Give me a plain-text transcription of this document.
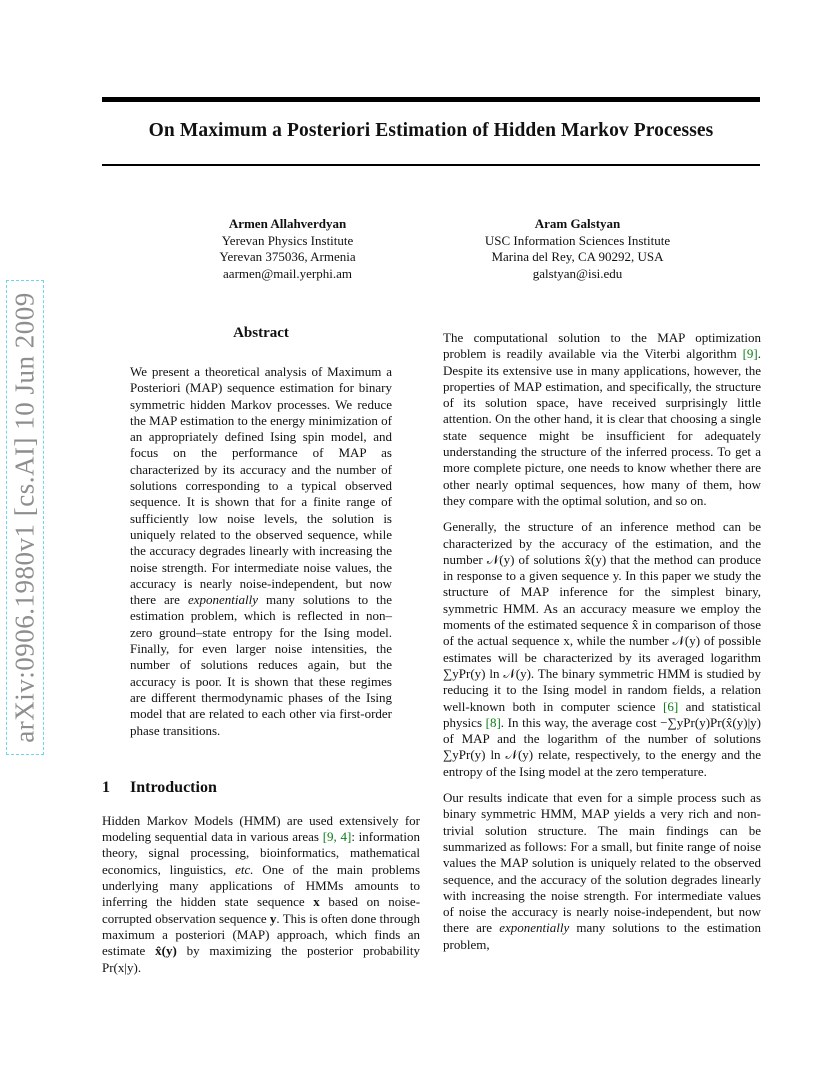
arXiv:0906.1980v1 [cs.AI] 10 Jun 2009
On Maximum a Posteriori Estimation of Hidden Markov Processes
Armen Allahverdyan
Yerevan Physics Institute
Yerevan 375036, Armenia
aarmen@mail.yerphi.am
Aram Galstyan
USC Information Sciences Institute
Marina del Rey, CA 90292, USA
galstyan@isi.edu
Abstract

We present a theoretical analysis of Maximum a Posteriori (MAP) sequence estimation for binary symmetric hidden Markov processes. We reduce the MAP estimation to the energy minimization of an appropriately defined Ising spin model, and focus on the performance of MAP as characterized by its accuracy and the number of solutions corresponding to a typical observed sequence. It is shown that for a finite range of sufficiently low noise levels, the solution is uniquely related to the observed sequence, while the accuracy degrades linearly with increasing the noise strength. For intermediate noise values, the accuracy is nearly noise-independent, but now there are exponentially many solutions to the estimation problem, which is reflected in non–zero ground–state entropy for the Ising model. Finally, for even larger noise intensities, the number of solutions reduces again, but the accuracy is poor. It is shown that these regimes are different thermodynamic phases of the Ising model that are related to each other via first-order phase transitions.

1 Introduction

Hidden Markov Models (HMM) are used extensively for modeling sequential data in various areas [9, 4]: information theory, signal processing, bioinformatics, mathematical economics, linguistics, etc. One of the main problems underlying many applications of HMMs amounts to inferring the hidden state sequence x based on noise-corrupted observation sequence y. This is often done through maximum a posteriori (MAP) approach, which finds an estimate x̂(y) by maximizing the posterior probability Pr(x|y).

The computational solution to the MAP optimization problem is readily available via the Viterbi algorithm [9]. Despite its extensive use in many applications, however, the properties of MAP estimation, and specifically, the structure of its solution space, have received surprisingly little attention. On the other hand, it is clear that choosing a single state sequence might be insufficient for adequately understanding the structure of the inferred process. To get a more complete picture, one needs to know whether there are other nearly optimal sequences, how many of them, how they compare with the optimal solution, and so on.

Generally, the structure of an inference method can be characterized by the accuracy of the estimation, and the number 𝒩(y) of solutions x̂(y) that the method can produce in response to a given sequence y. In this paper we study the structure of MAP inference for the simplest binary, symmetric HMM. As an accuracy measure we employ the moments of the estimated sequence x̂ in comparison of those of the actual sequence x, while the number 𝒩(y) of possible estimates will be characterized by its averaged logarithm ∑yPr(y) ln 𝒩(y). The binary symmetric HMM is studied by reducing it to the Ising model in random fields, a relation well-known both in computer science [6] and statistical physics [8]. In this way, the average cost −∑yPr(y)Pr(x̂(y)|y) of MAP and the logarithm of the number of solutions ∑yPr(y) ln 𝒩(y) relate, respectively, to the energy and the entropy of the Ising model at the zero temperature.

Our results indicate that even for a simple process such as binary symmetric HMM, MAP yields a very rich and non-trivial solution structure. The main findings can be summarized as follows: For a small, but finite range of noise values the MAP solution is uniquely related to the observed sequence, and the accuracy of the solution degrades linearly with increasing the noise strength. For intermediate values of noise the accuracy is nearly noise-independent, but now there are exponentially many solutions to the estimation problem,
